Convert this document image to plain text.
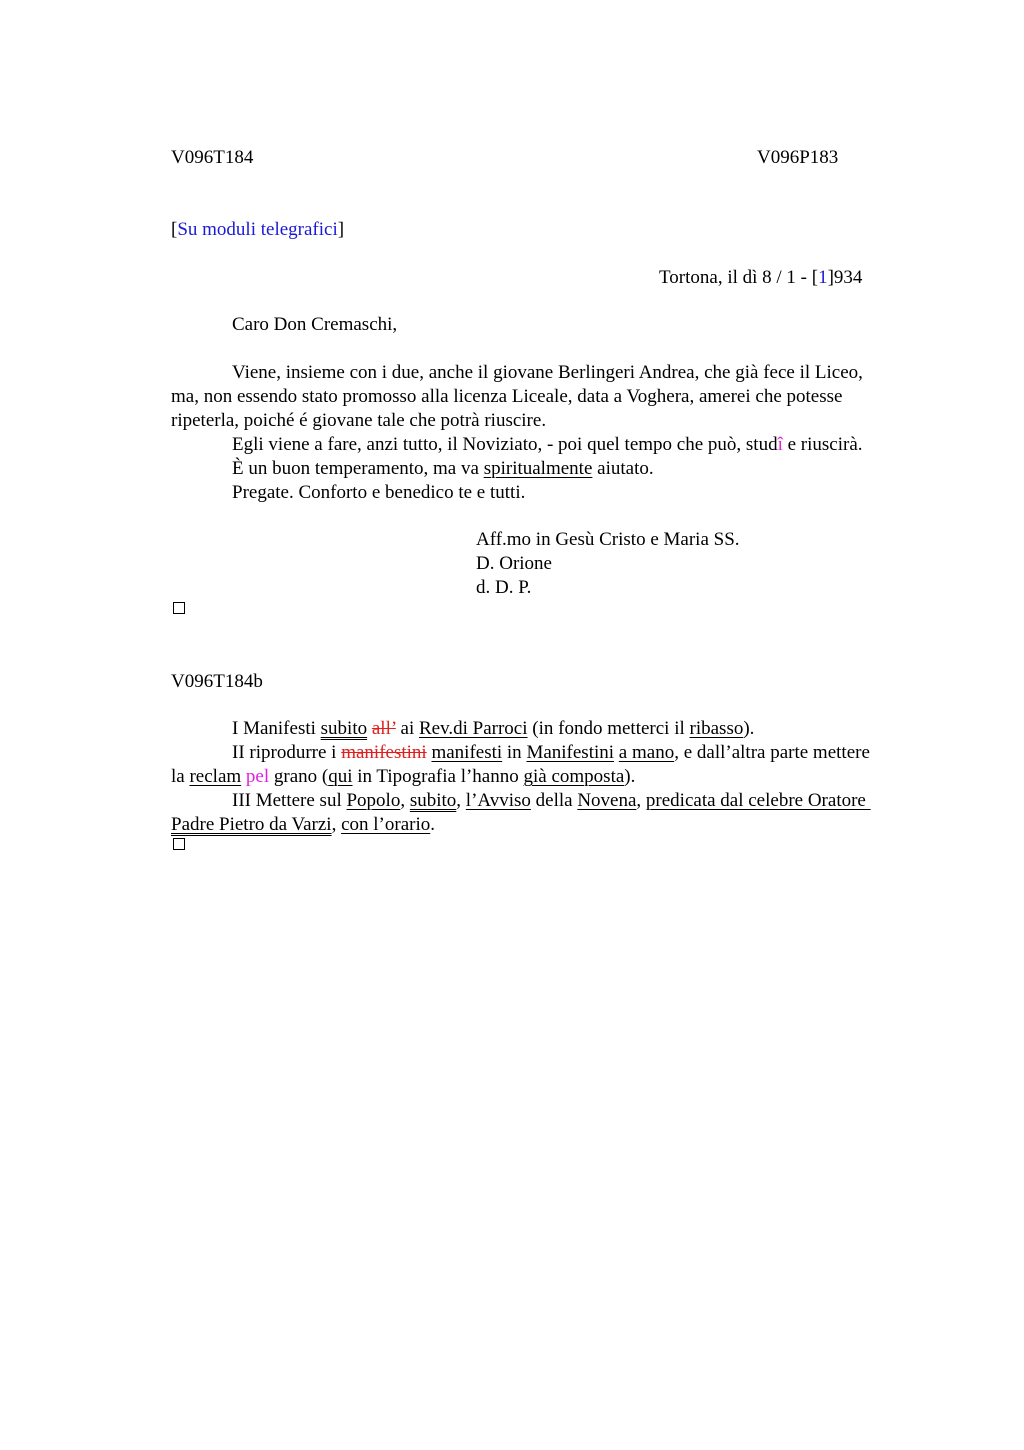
V096T184	V096P183
[Su moduli telegrafici]
Tortona, il dì 8 / 1 - [1]934
Caro Don Cremaschi,
Viene, insieme con i due, anche il giovane Berlingeri Andrea, che già fece il Liceo,
ma, non essendo stato promosso alla licenza Liceale, data a Voghera, amerei che potesse
ripeterla, poiché é giovane tale che potrà riuscire.
Egli viene a fare, anzi tutto, il Noviziato, - poi quel tempo che può, studî e riuscirà.
È un buon temperamento, ma va spiritualmente aiutato.
Pregate. Conforto e benedico te e tutti.
Aff.mo in Gesù Cristo e Maria SS.
D. Orione
d. D. P.
V096T184b
I Manifesti subito all’ ai Rev.di Parroci (in fondo metterci il ribasso).
II riprodurre i manifestini manifesti in Manifestini a mano, e dall’altra parte mettere
la reclam pel grano (qui in Tipografia l’hanno già composta).
III Mettere sul Popolo, subito, l’Avviso della Novena, predicata dal celebre Oratore
Padre Pietro da Varzi, con l’orario.
